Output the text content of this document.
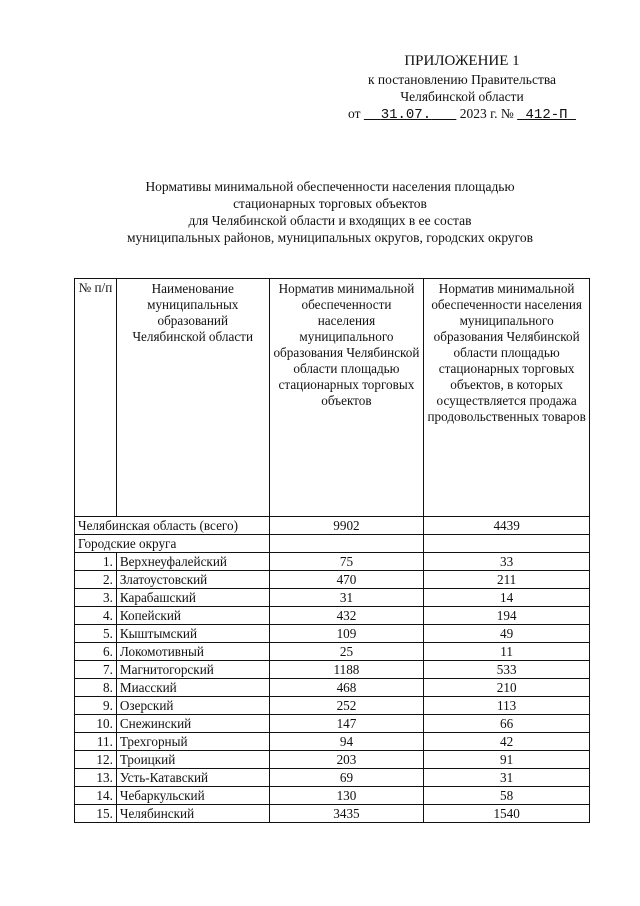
ПРИЛОЖЕНИЕ 1
к постановлению Правительства
Челябинской области
от 31.07. 2023 г. № 412-П
Нормативы минимальной обеспеченности населения площадью
стационарных торговых объектов
для Челябинской области и входящих в ее состав
муниципальных районов, муниципальных округов, городских округов
№ п/п	Наименование муниципальных образований Челябинской области	Норматив минимальной обеспеченности населения муниципального образования Челябинской области площадью стационарных торговых объектов	Норматив минимальной обеспеченности населения муниципального образования Челябинской области площадью стационарных торговых объектов, в которых осуществляется продажа продовольственных товаров
Челябинская область (всего)		9902	4439
Городские округа			
1.	Верхнеуфалейский	75	33
2.	Златоустовский	470	211
3.	Карабашский	31	14
4.	Копейский	432	194
5.	Кыштымский	109	49
6.	Локомотивный	25	11
7.	Магнитогорский	1188	533
8.	Миасский	468	210
9.	Озерский	252	113
10.	Снежинский	147	66
11.	Трехгорный	94	42
12.	Троицкий	203	91
13.	Усть-Катавский	69	31
14.	Чебаркульский	130	58
15.	Челябинский	3435	1540
